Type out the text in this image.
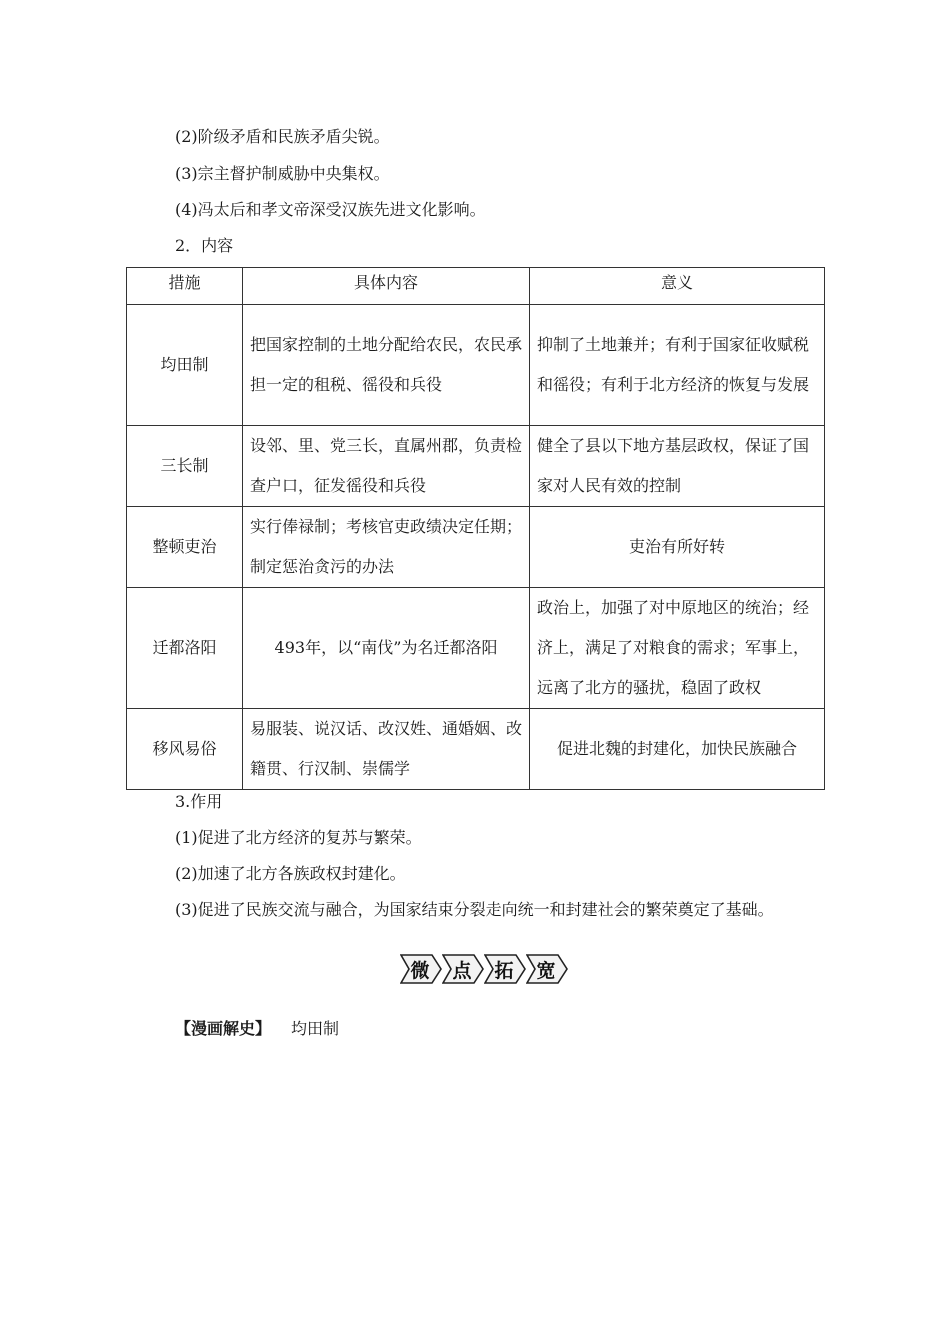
(2)阶级矛盾和民族矛盾尖锐。
(3)宗主督护制威胁中央集权。
(4)冯太后和孝文帝深受汉族先进文化影响。
2．内容
措施	具体内容	意义
均田制	把国家控制的土地分配给农民，农民承担一定的租税、徭役和兵役	抑制了土地兼并；有利于国家征收赋税和徭役；有利于北方经济的恢复与发展
三长制	设邻、里、党三长，直属州郡，负责检查户口，征发徭役和兵役	健全了县以下地方基层政权，保证了国家对人民有效的控制
整顿吏治	实行俸禄制；考核官吏政绩决定任期；制定惩治贪污的办法	吏治有所好转
迁都洛阳	493年，以“南伐”为名迁都洛阳	政治上，加强了对中原地区的统治；经济上，满足了对粮食的需求；军事上，远离了北方的骚扰，稳固了政权
移风易俗	易服装、说汉话、改汉姓、通婚姻、改籍贯、行汉制、崇儒学	促进北魏的封建化，加快民族融合
3.作用
(1)促进了北方经济的复苏与繁荣。
(2)加速了北方各族政权封建化。
(3)促进了民族交流与融合，为国家结束分裂走向统一和封建社会的繁荣奠定了基础。
微	点	拓	宽
【漫画解史】 均田制
